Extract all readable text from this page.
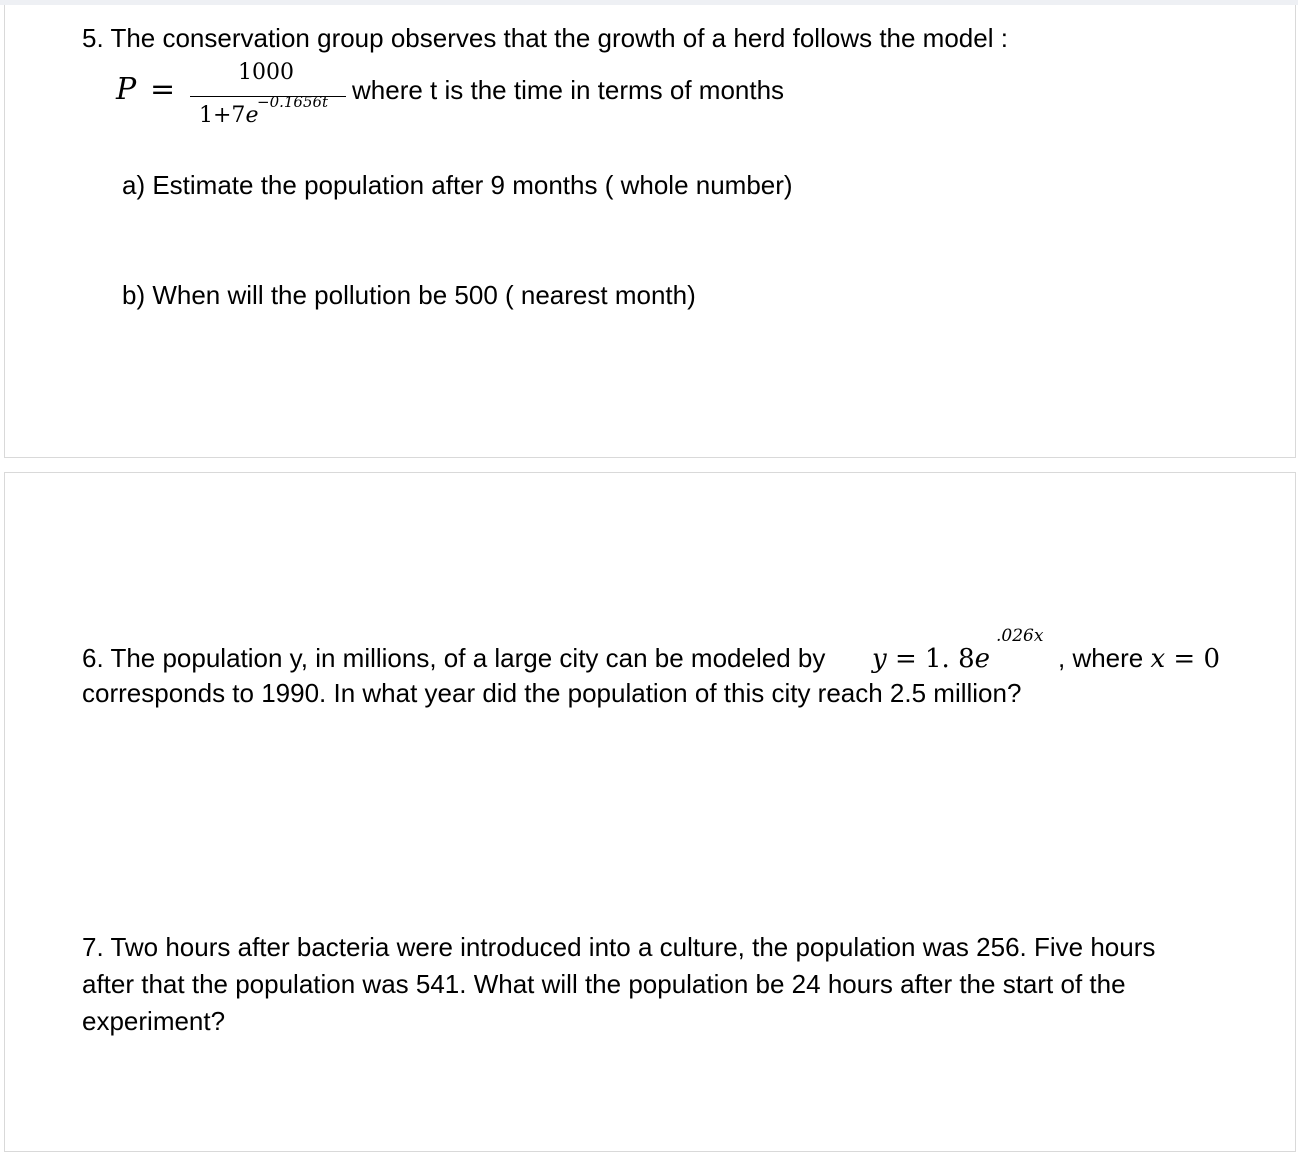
5. The conservation group observes that the growth of a herd follows the model :
P =	1000
1+7e
−0.1656t where t is the time in terms of months
a) Estimate the population after 9 months ( whole number)
b) When will the pollution be 500 ( nearest month)
6. The population y, in millions, of a large city can be modeled by y = 1. 8e
.026x
, where x = 0
corresponds to 1990. In what year did the population of this city reach 2.5 million?
7. Two hours after bacteria were introduced into a culture, the population was 256. Five hours
after that the population was 541. What will the population be 24 hours after the start of the
experiment?
